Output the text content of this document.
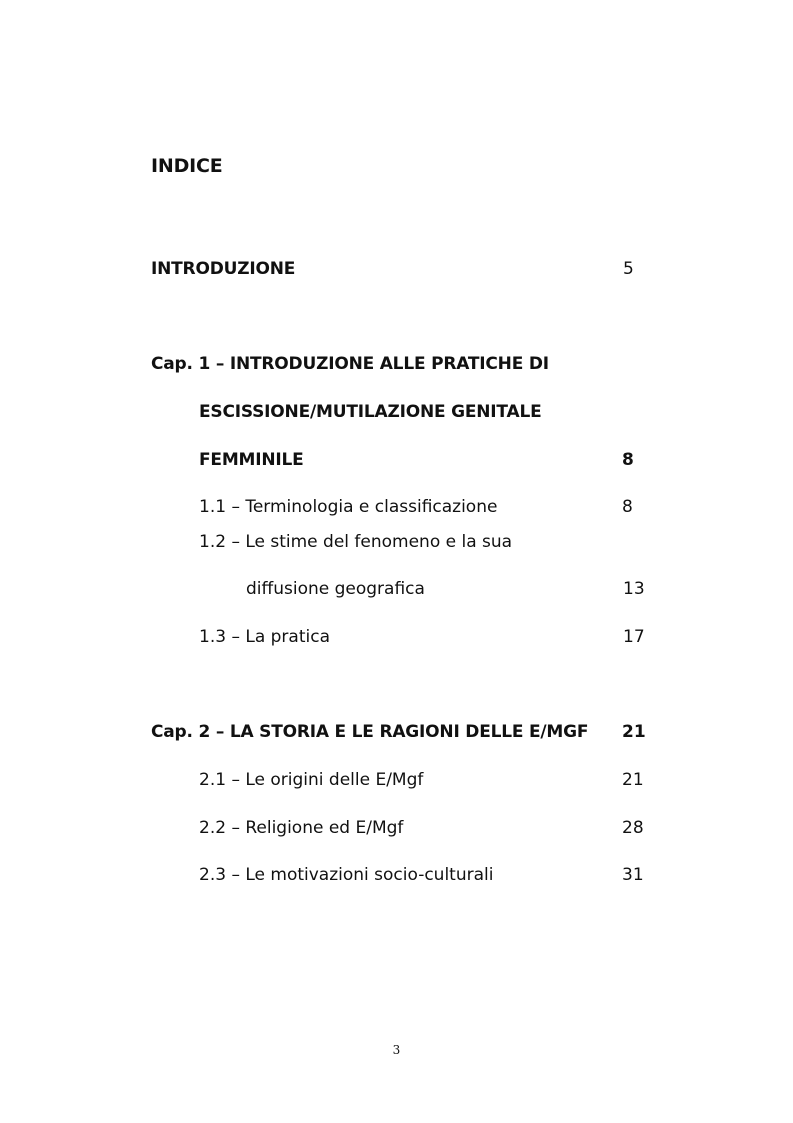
INDICE
INTRODUZIONE	5
Cap. 1 – INTRODUZIONE ALLE PRATICHE DI
ESCISSIONE/MUTILAZIONE GENITALE
FEMMINILE	8
1.1 – Terminologia e classificazione	8
1.2 – Le stime del fenomeno e la sua
diffusione geografica	13
1.3 – La pratica	17
Cap. 2 – LA STORIA E LE RAGIONI DELLE E/MGF 21
2.1 – Le origini delle E/Mgf	21
2.2 – Religione ed E/Mgf	28
2.3 – Le motivazioni socio-culturali	31
3
